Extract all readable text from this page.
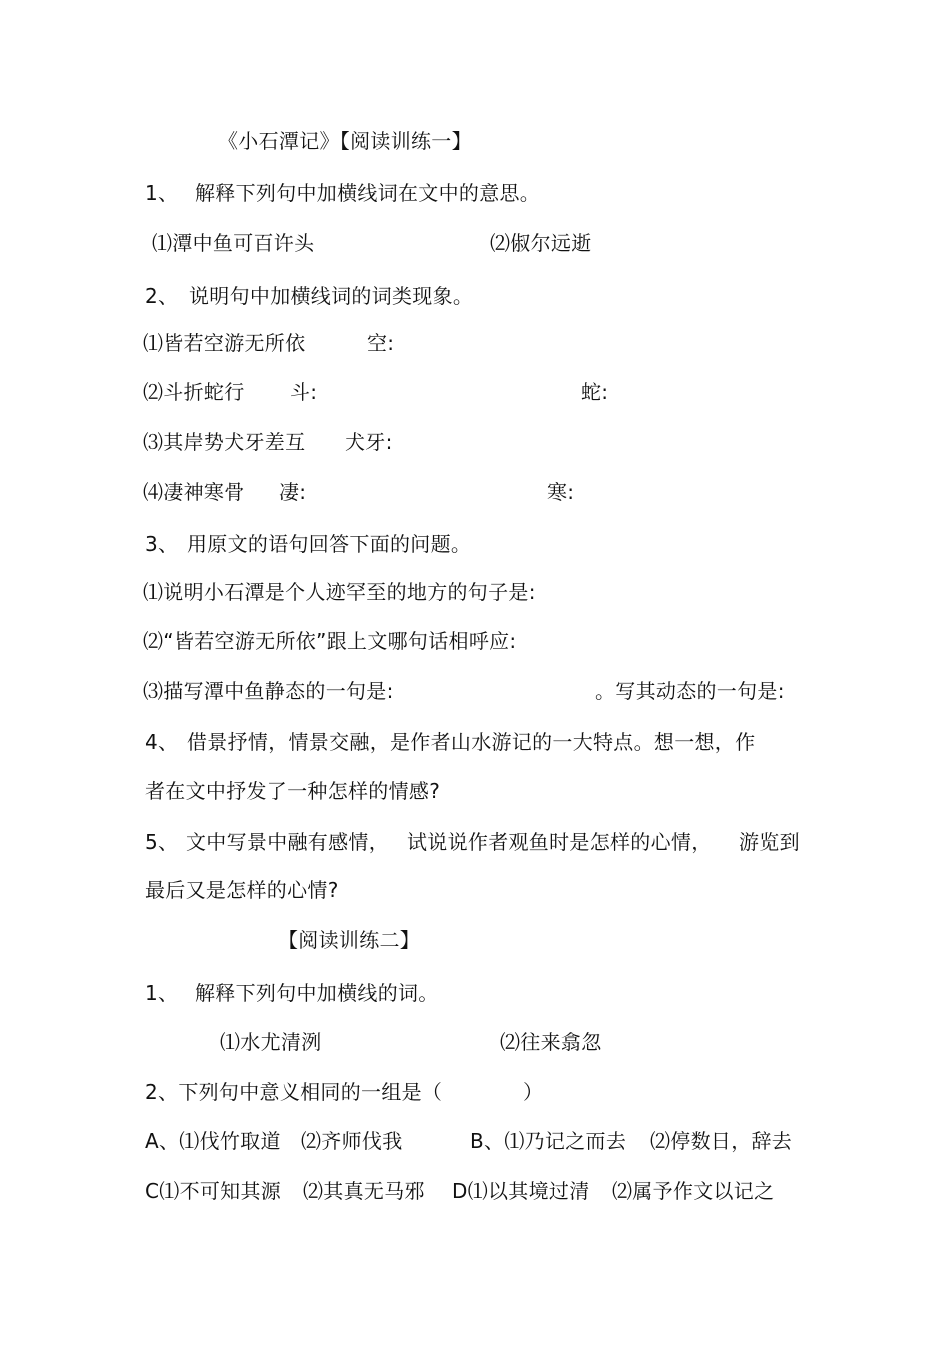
《小石潭记》【阅读训练一】
1、 解释下列句中加横线词在文中的意思。
⑴潭中鱼可百许头	⑵俶尔远逝
2、 说明句中加横线词的词类现象。
⑴皆若空游无所依	空:
⑵斗折蛇行 斗:	蛇:
⑶其岸势犬牙差互 犬牙:
⑷凄神寒骨 凄:	寒:
3、 用原文的语句回答下面的问题。
⑴说明小石潭是个人迹罕至的地方的句子是:
⑵“皆若空游无所依”跟上文哪句话相呼应:
⑶描写潭中鱼静态的一句是:	。写其动态的一句是:
4、 借景抒情，情景交融，是作者山水游记的一大特点。想一想，作
者在文中抒发了一种怎样的情感?
5、 文中写景中融有感情， 试说说作者观鱼时是怎样的心情， 游览到
最后又是怎样的心情?
【阅读训练二】
1、 解释下列句中加横线的词。
⑴水尤清洌	⑵往来翕忽
2、下列句中意义相同的一组是（	）
A、⑴伐竹取道 ⑵齐师伐我	B、⑴乃记之而去 ⑵停数日，辞去
C⑴不可知其源 ⑵其真无马邪 D⑴以其境过清 ⑵属予作文以记之
